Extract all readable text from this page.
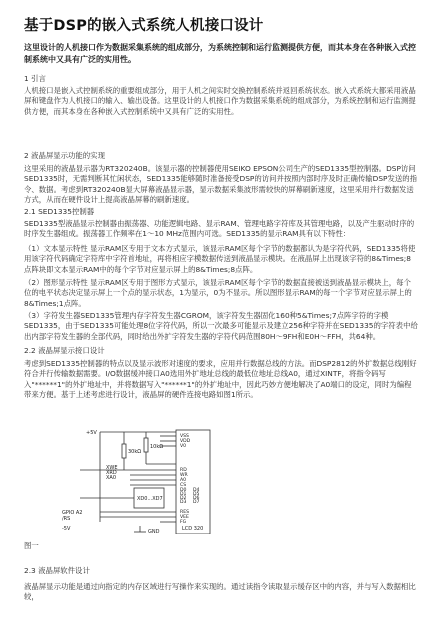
基于DSP的嵌入式系统人机接口设计
这里设计的人机接口作为数据采集系统的组成部分，为系统控制和运行监测提供方便，而其本身在各种嵌入式控制系统中又具有广泛的实用性。
1 引言
人机接口是嵌入式控制系统的重要组成部分，用于人机之间实时交换控制系统并返回系统状态。嵌入式系统大都采用液晶屏和键盘作为人机接口的输入、输出设备。这里设计的人机接口作为数据采集系统的组成部分，为系统控制和运行监测提供方便，而其本身在各种嵌入式控制系统中又具有广泛的实用性。
2 液晶屏显示功能的实现
这里采用的液晶显示器为RT320240B。该显示器的控制器使用SEIKO EPSON公司生产的SED1335型控制器。DSP访问SED1335时，无需判断其忙闲状态，SED1335能够随时准备接受DSP的访问并按照内部时序及时正确传输DSP发送的指令、数据。考虑到RT320240B显大屏幕液晶显示器，显示数据采集波形需较快的屏幕刷新速度，这里采用并行数据发送方式，从而在硬件设计上提高液晶屏幕的刷新速度。
2.1 SED1335控制器
SED1335型液晶显示控制器由振荡器、功能逻辑电路、显示RAM、管理电路字符库及其管理电路，以及产生驱动时序的时序发生器组成。振荡器工作频率在1～10 MHz范围内可选。SED1335的显示RAM具有以下特性：
（1）文本显示特性 显示RAM区专用于文本方式显示，该显示RAM区每个字节的数据都认为是字符代码，SED1335将使用该字符代码确定字符库中字符首地址，再将相应字模数据传送到液晶显示模块。在液晶屏上出现该字符的8&Times;8点阵块即文本显示RAM中的每个字节对应显示屏上的8&Times;8点阵。
（2）图形显示特性 显示RAM区专用于图形方式显示，该显示RAM区每个字节的数据直接被送到液晶显示模块上，每个位的电平状态决定显示屏上一个点的显示状态，1为显示，0为不显示。所以图形显示RAM的每一个字节对应显示屏上的8&Times;1点阵。
（3）字符发生器SED1335管理内存字符发生器CGROM，该字符发生器固化160种5&Times;7点阵字符的字模SED1335，由于SED1335可能处理8位字符代码，所以一次最多可能显示及建立256种字符并在SED1335的字符表中给出内部字符发生器的全部代码，同时给出外扩字符发生器的字符代码范围80H～9FH和E0H～FFH，共64种。
2.2 液晶屏显示接口设计
考虑到SED1335控制器的特点以及显示波形对速度的要求，应用并行数据总线的方法。而DSP2812的外扩数据总线刚好符合并行传输数据需要。I/O数据缓冲接口A0选用外扩地址总线的最低位地址总线A0，通过XINTF，将指令码写入"******1"的外扩地址中，并将数据写入"******1"的外扩地址中，因此巧妙方便地解决了A0端口的设定，同时为编程带来方便。基于上述考虑进行设计，液晶屏的硬件连接电路如图1所示。
+5V
30kΩ
10kΩ
XWE
XRD
XA0
XD0...XD7
GPIO A2
/RS
-5V	GND	LCD 320
VSS
VDD
V0
RD
WR
A0
CS
D0
D1
D2
D3
D4
D5
D6
D7
RES
VEE
FG
图一
2.3 液晶屏软件设计
液晶屏显示功能是通过向指定的内存区域进行写操作来实现的。通过读指令读取显示缓存区中的内容，并与写入数据相比较，
